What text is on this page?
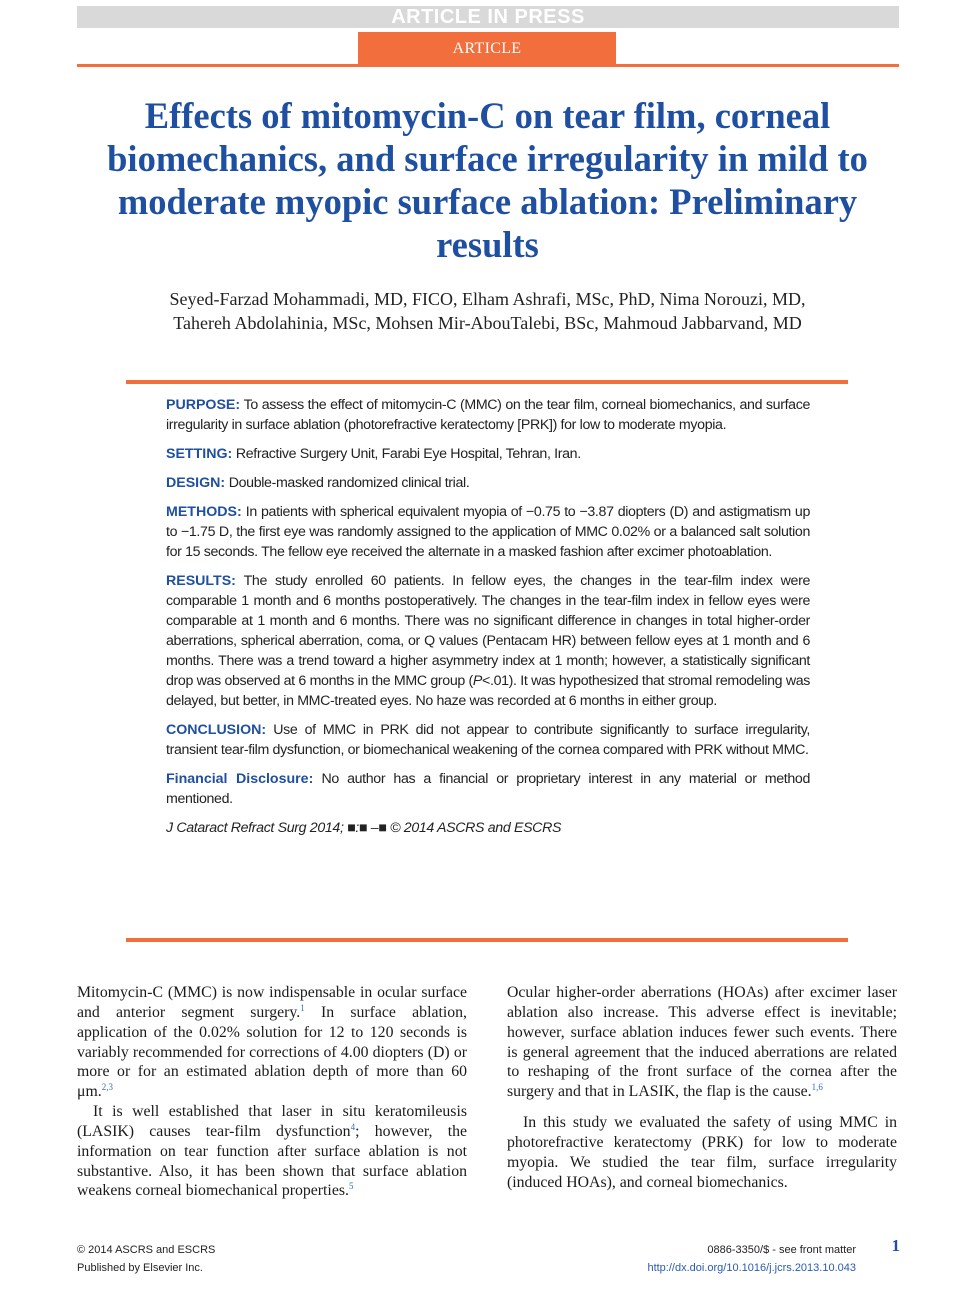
ARTICLE IN PRESS
ARTICLE
Effects of mitomycin-C on tear film, corneal biomechanics, and surface irregularity in mild to moderate myopic surface ablation: Preliminary results
Seyed-Farzad Mohammadi, MD, FICO, Elham Ashrafi, MSc, PhD, Nima Norouzi, MD,
Tahereh Abdolahinia, MSc, Mohsen Mir-AbouTalebi, BSc, Mahmoud Jabbarvand, MD

PURPOSE: To assess the effect of mitomycin-C (MMC) on the tear film, corneal biomechanics, and surface irregularity in surface ablation (photorefractive keratectomy [PRK]) for low to moderate myopia.

SETTING: Refractive Surgery Unit, Farabi Eye Hospital, Tehran, Iran.

DESIGN: Double-masked randomized clinical trial.

METHODS: In patients with spherical equivalent myopia of −0.75 to −3.87 diopters (D) and astigmatism up to −1.75 D, the first eye was randomly assigned to the application of MMC 0.02% or a balanced salt solution for 15 seconds. The fellow eye received the alternate in a masked fashion after excimer photoablation.

RESULTS: The study enrolled 60 patients. In fellow eyes, the changes in the tear-film index were comparable 1 month and 6 months postoperatively. The changes in the tear-film index in fellow eyes were comparable at 1 month and 6 months. There was no significant difference in changes in total higher-order aberrations, spherical aberration, coma, or Q values (Pentacam HR) between fellow eyes at 1 month and 6 months. There was a trend toward a higher asymmetry index at 1 month; however, a statistically significant drop was observed at 6 months in the MMC group (P<.01). It was hypothesized that stromal remodeling was delayed, but better, in MMC-treated eyes. No haze was recorded at 6 months in either group.

CONCLUSION: Use of MMC in PRK did not appear to contribute significantly to surface irregularity, transient tear-film dysfunction, or biomechanical weakening of the cornea compared with PRK without MMC.

Financial Disclosure: No author has a financial or proprietary interest in any material or method mentioned.

J Cataract Refract Surg 2014; ■:■ –■ © 2014 ASCRS and ESCRS

Mitomycin-C (MMC) is now indispensable in ocular surface and anterior segment surgery.$^1$ In surface ablation, application of the 0.02% solution for 12 to 120 seconds is variably recommended for corrections of 4.00 diopters (D) or more or for an estimated ablation depth of more than 60 μm.$^{2,3}$

It is well established that laser in situ keratomileusis (LASIK) causes tear-film dysfunction$^4$; however, the information on tear function after surface ablation is not substantive. Also, it has been shown that surface ablation weakens corneal biomechanical properties.$^5$

Ocular higher-order aberrations (HOAs) after excimer laser ablation also increase. This adverse effect is inevitable; however, surface ablation induces fewer such events. There is general agreement that the induced aberrations are related to reshaping of the front surface of the cornea after the surgery and that in LASIK, the flap is the cause.$^{1,6}$

In this study we evaluated the safety of using MMC in photorefractive keratectomy (PRK) for low to moderate myopia. We studied the tear film, surface irregularity (induced HOAs), and corneal biomechanics.

© 2014 ASCRS and ESCRS
Published by Elsevier Inc.
0886-3350/$ - see front matter
http://dx.doi.org/10.1016/j.jcrs.2013.10.043
1
